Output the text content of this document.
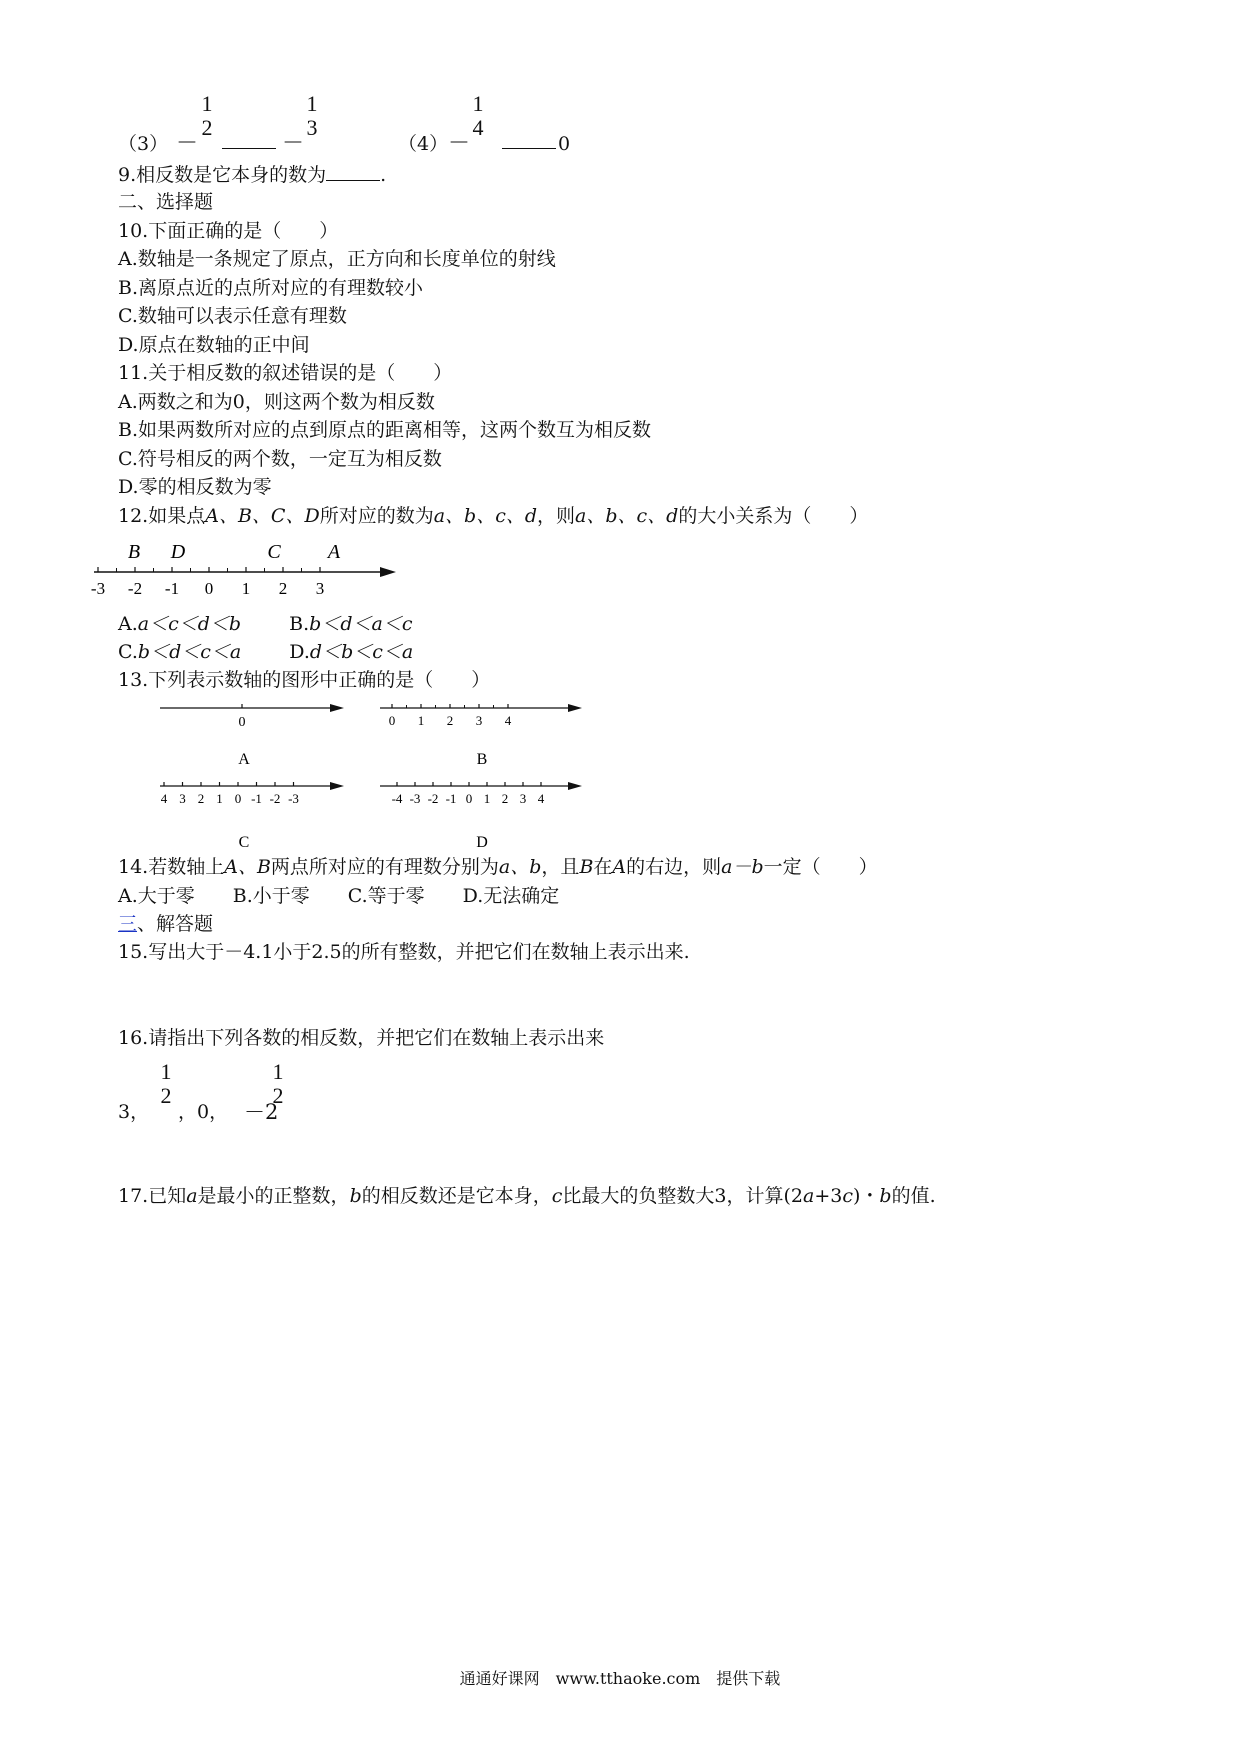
（3） －
1
2
－
1
3
（4） －
1
4
0
9.相反数是它本身的数为	.
二、选择题
10.下面正确的是（　　）
A.数轴是一条规定了原点，正方向和长度单位的射线
B.离原点近的点所对应的有理数较小
C.数轴可以表示任意有理数
D.原点在数轴的正中间
11.关于相反数的叙述错误的是（　　）
A.两数之和为0，则这两个数为相反数
B.如果两数所对应的点到原点的距离相等，这两个数互为相反数
C.符号相反的两个数，一定互为相反数
D.零的相反数为零
12.如果点A、B、C、D所对应的数为a、b、c、d，则a、b、c、d的大小关系为（　　）
-3 -2 -1 0 1 2 3
B D	C A
A.a＜c＜d＜b	B.b＜d＜a＜c
C.b＜d＜c＜a	D.d＜b＜c＜a
13.下列表示数轴的图形中正确的是（　　）
0
A
0 1 2 3 4
B
4 3 2 1 0 -1 -2 -3
C
-4 -3 -2 -1 0 1 2 3 4
D
14.若数轴上A、B两点所对应的有理数分别为a、b，且B在A的右边，则a－b一定（　　）
A.大于零　　B.小于零　　C.等于零　　D.无法确定
三、解答题
15.写出大于－4.1小于2.5的所有整数，并把它们在数轴上表示出来.
16.请指出下列各数的相反数，并把它们在数轴上表示出来
3，
1
2
，0， －2
1
2
17.已知a是最小的正整数，b的相反数还是它本身，c比最大的负整数大3，计算(2a+3c)・b的值.
通通好课网　www.tthaoke.com　提供下载
